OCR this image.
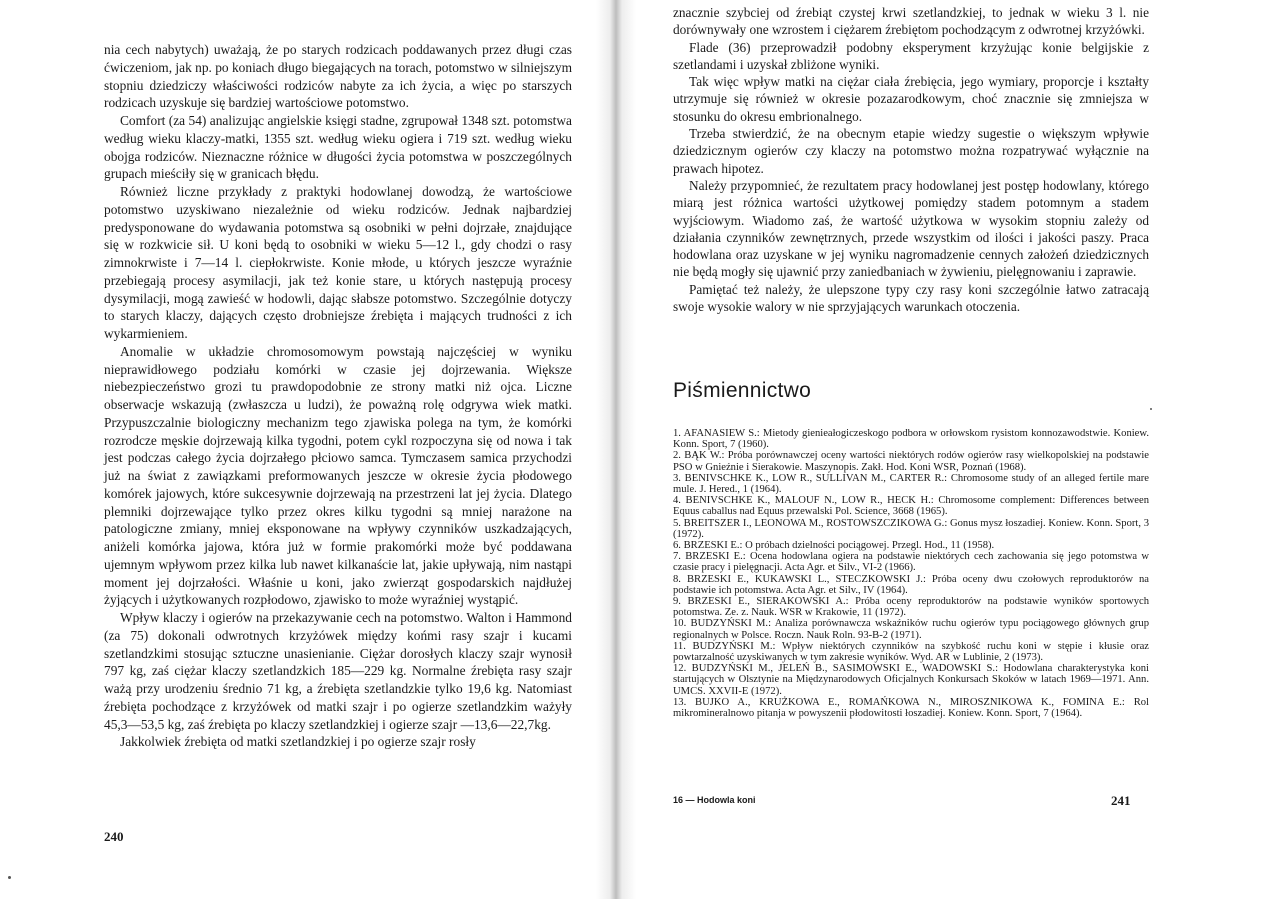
nia cech nabytych) uważają, że po starych rodzicach poddawanych przez długi czas ćwiczeniom, jak np. po koniach długo biegających na torach, potomstwo w silniejszym stopniu dziedziczy właściwości rodziców nabyte za ich życia, a więc po starszych rodzicach uzyskuje się bardziej wartościowe potomstwo.

Comfort (za 54) analizując angielskie księgi stadne, zgrupował 1348 szt. potomstwa według wieku klaczy-matki, 1355 szt. według wieku ogiera i 719 szt. według wieku obojga rodziców. Nieznaczne różnice w długości życia potomstwa w poszczególnych grupach mieściły się w granicach błędu.

Również liczne przykłady z praktyki hodowlanej dowodzą, że wartościowe potomstwo uzyskiwano niezależnie od wieku rodziców. Jednak najbardziej predysponowane do wydawania potomstwa są osobniki w pełni dojrzałe, znajdujące się w rozkwicie sił. U koni będą to osobniki w wieku 5—12 l., gdy chodzi o rasy zimnokrwiste i 7—14 l. ciepłokrwiste. Konie młode, u których jeszcze wyraźnie przebiegają procesy asymilacji, jak też konie stare, u których następują procesy dysymilacji, mogą zawieść w hodowli, dając słabsze potomstwo. Szczególnie dotyczy to starych klaczy, dających często drobniejsze źrebięta i mających trudności z ich wykarmieniem.

Anomalie w układzie chromosomowym powstają najczęściej w wyniku nieprawidłowego podziału komórki w czasie jej dojrzewania. Większe niebezpieczeństwo grozi tu prawdopodobnie ze strony matki niż ojca. Liczne obserwacje wskazują (zwłaszcza u ludzi), że poważną rolę odgrywa wiek matki. Przypuszczalnie biologiczny mechanizm tego zjawiska polega na tym, że komórki rozrodcze męskie dojrzewają kilka tygodni, potem cykl rozpoczyna się od nowa i tak jest podczas całego życia dojrzałego płciowo samca. Tymczasem samica przychodzi już na świat z zawiązkami preformowanych jeszcze w okresie życia płodowego komórek jajowych, które sukcesywnie dojrzewają na przestrzeni lat jej życia. Dlatego plemniki dojrzewające tylko przez okres kilku tygodni są mniej narażone na patologiczne zmiany, mniej eksponowane na wpływy czynników uszkadzających, aniżeli komórka jajowa, która już w formie prakomórki może być poddawana ujemnym wpływom przez kilka lub nawet kilkanaście lat, jakie upływają, nim nastąpi moment jej dojrzałości. Właśnie u koni, jako zwierząt gospodarskich najdłużej żyjących i użytkowanych rozpłodowo, zjawisko to może wyraźniej wystąpić.

Wpływ klaczy i ogierów na przekazywanie cech na potomstwo. Walton i Hammond (za 75) dokonali odwrotnych krzyżówek między końmi rasy szajr i kucami szetlandzkimi stosując sztuczne unasienianie. Ciężar dorosłych klaczy szajr wynosił 797 kg, zaś ciężar klaczy szetlandzkich 185—229 kg. Normalne źrebięta rasy szajr ważą przy urodzeniu średnio 71 kg, a źrebięta szetlandzkie tylko 19,6 kg. Natomiast źrebięta pochodzące z krzyżówek od matki szajr i po ogierze szetlandzkim ważyły 45,3—53,5 kg, zaś źrebięta po klaczy szetlandzkiej i ogierze szajr —13,6—22,7kg.

Jakkolwiek źrebięta od matki szetlandzkiej i po ogierze szajr rosły

240

znacznie szybciej od źrebiąt czystej krwi szetlandzkiej, to jednak w wieku 3 l. nie dorównywały one wzrostem i ciężarem źrebiętom pochodzącym z odwrotnej krzyżówki.

Flade (36) przeprowadził podobny eksperyment krzyżując konie belgijskie z szetlandami i uzyskał zbliżone wyniki.

Tak więc wpływ matki na ciężar ciała źrebięcia, jego wymiary, proporcje i kształty utrzymuje się również w okresie pozazarodkowym, choć znacznie się zmniejsza w stosunku do okresu embrionalnego.

Trzeba stwierdzić, że na obecnym etapie wiedzy sugestie o większym wpływie dziedzicznym ogierów czy klaczy na potomstwo można rozpatrywać wyłącznie na prawach hipotez.

Należy przypomnieć, że rezultatem pracy hodowlanej jest postęp hodowlany, którego miarą jest różnica wartości użytkowej pomiędzy stadem potomnym a stadem wyjściowym. Wiadomo zaś, że wartość użytkowa w wysokim stopniu zależy od działania czynników zewnętrznych, przede wszystkim od ilości i jakości paszy. Praca hodowlana oraz uzyskane w jej wyniku nagromadzenie cennych założeń dziedzicznych nie będą mogły się ujawnić przy zaniedbaniach w żywieniu, pielęgnowaniu i zaprawie.

Pamiętać też należy, że ulepszone typy czy rasy koni szczególnie łatwo zatracają swoje wysokie walory w nie sprzyjających warunkach otoczenia.

Piśmiennictwo

1. AFANASIEW S.: Mietody gienieałogiczeskogo podbora w orłowskom rysistom konnozawodstwie. Koniew. Konn. Sport, 7 (1960).

2. BĄK W.: Próba porównawczej oceny wartości niektórych rodów ogierów rasy wielkopolskiej na podstawie PSO w Gnieźnie i Sierakowie. Maszynopis. Zakł. Hod. Koni WSR, Poznań (1968).

3. BENIVSCHKE K., LOW R., SULLIVAN M., CARTER R.: Chromosome study of an alleged fertile mare mule. J. Hered., 1 (1964).

4. BENIVSCHKE K., MALOUF N., LOW R., HECK H.: Chromosome complement: Differences between Equus caballus nad Equus przewalski Pol. Science, 3668 (1965).

5. BREITSZER I., LEONOWA M., ROSTOWSZCZIKOWA G.: Gonus mysz łoszadiej. Koniew. Konn. Sport, 3 (1972).

6. BRZESKI E.: O próbach dzielności pociągowej. Przegl. Hod., 11 (1958).

7. BRZESKI E.: Ocena hodowlana ogiera na podstawie niektórych cech zachowania się jego potomstwa w czasie pracy i pielęgnacji. Acta Agr. et Silv., VI-2 (1966).

8. BRZESKI E., KUKAWSKI L., STECZKOWSKI J.: Próba oceny dwu czołowych reproduktorów na podstawie ich potomstwa. Acta Agr. et Silv., IV (1964).

9. BRZESKI E., SIERAKOWSKI A.: Próba oceny reproduktorów na podstawie wyników sportowych potomstwa. Ze. z. Nauk. WSR w Krakowie, 11 (1972).

10. BUDZYŃSKI M.: Analiza porównawcza wskaźników ruchu ogierów typu pociągowego głównych grup regionalnych w Polsce. Roczn. Nauk Roln. 93-B-2 (1971).

11. BUDZYŃSKI M.: Wpływ niektórych czynników na szybkość ruchu koni w stępie i kłusie oraz powtarzalność uzyskiwanych w tym zakresie wyników. Wyd. AR w Lublinie, 2 (1973).

12. BUDZYŃSKI M., JELEŃ B., SASIMOWSKI E., WADOWSKI S.: Hodowlana charakterystyka koni startujących w Olsztynie na Międzynarodowych Oficjalnych Konkursach Skoków w latach 1969—1971. Ann. UMCS. XXVII-E (1972).

13. BUJKO A., KRUŻKOWA E., ROMAŃKOWA N., MIROSZNIKOWA K., FOMINA E.: Rol mikromineralnowo pitanja w powyszenii płodowitosti łoszadiej. Koniew. Konn. Sport, 7 (1964).

16 — Hodowla koni	241
